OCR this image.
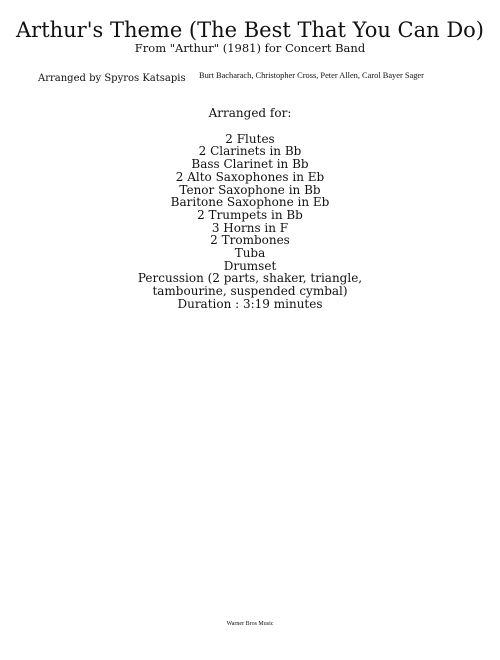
Arthur's Theme (The Best That You Can Do)
From "Arthur" (1981) for Concert Band
Arranged by Spyros Katsapis Burt Bacharach, Christopher Cross, Peter Allen, Carol Bayer Sager
Arranged for:
2 Flutes
2 Clarinets in Bb
Bass Clarinet in Bb
2 Alto Saxophones in Eb
Tenor Saxophone in Bb
Baritone Saxophone in Eb
2 Trumpets in Bb
3 Horns in F
2 Trombones
Tuba
Drumset
Percussion (2 parts, shaker, triangle, tambourine, suspended cymbal)
Duration : 3:19 minutes
Warner Bros Music
